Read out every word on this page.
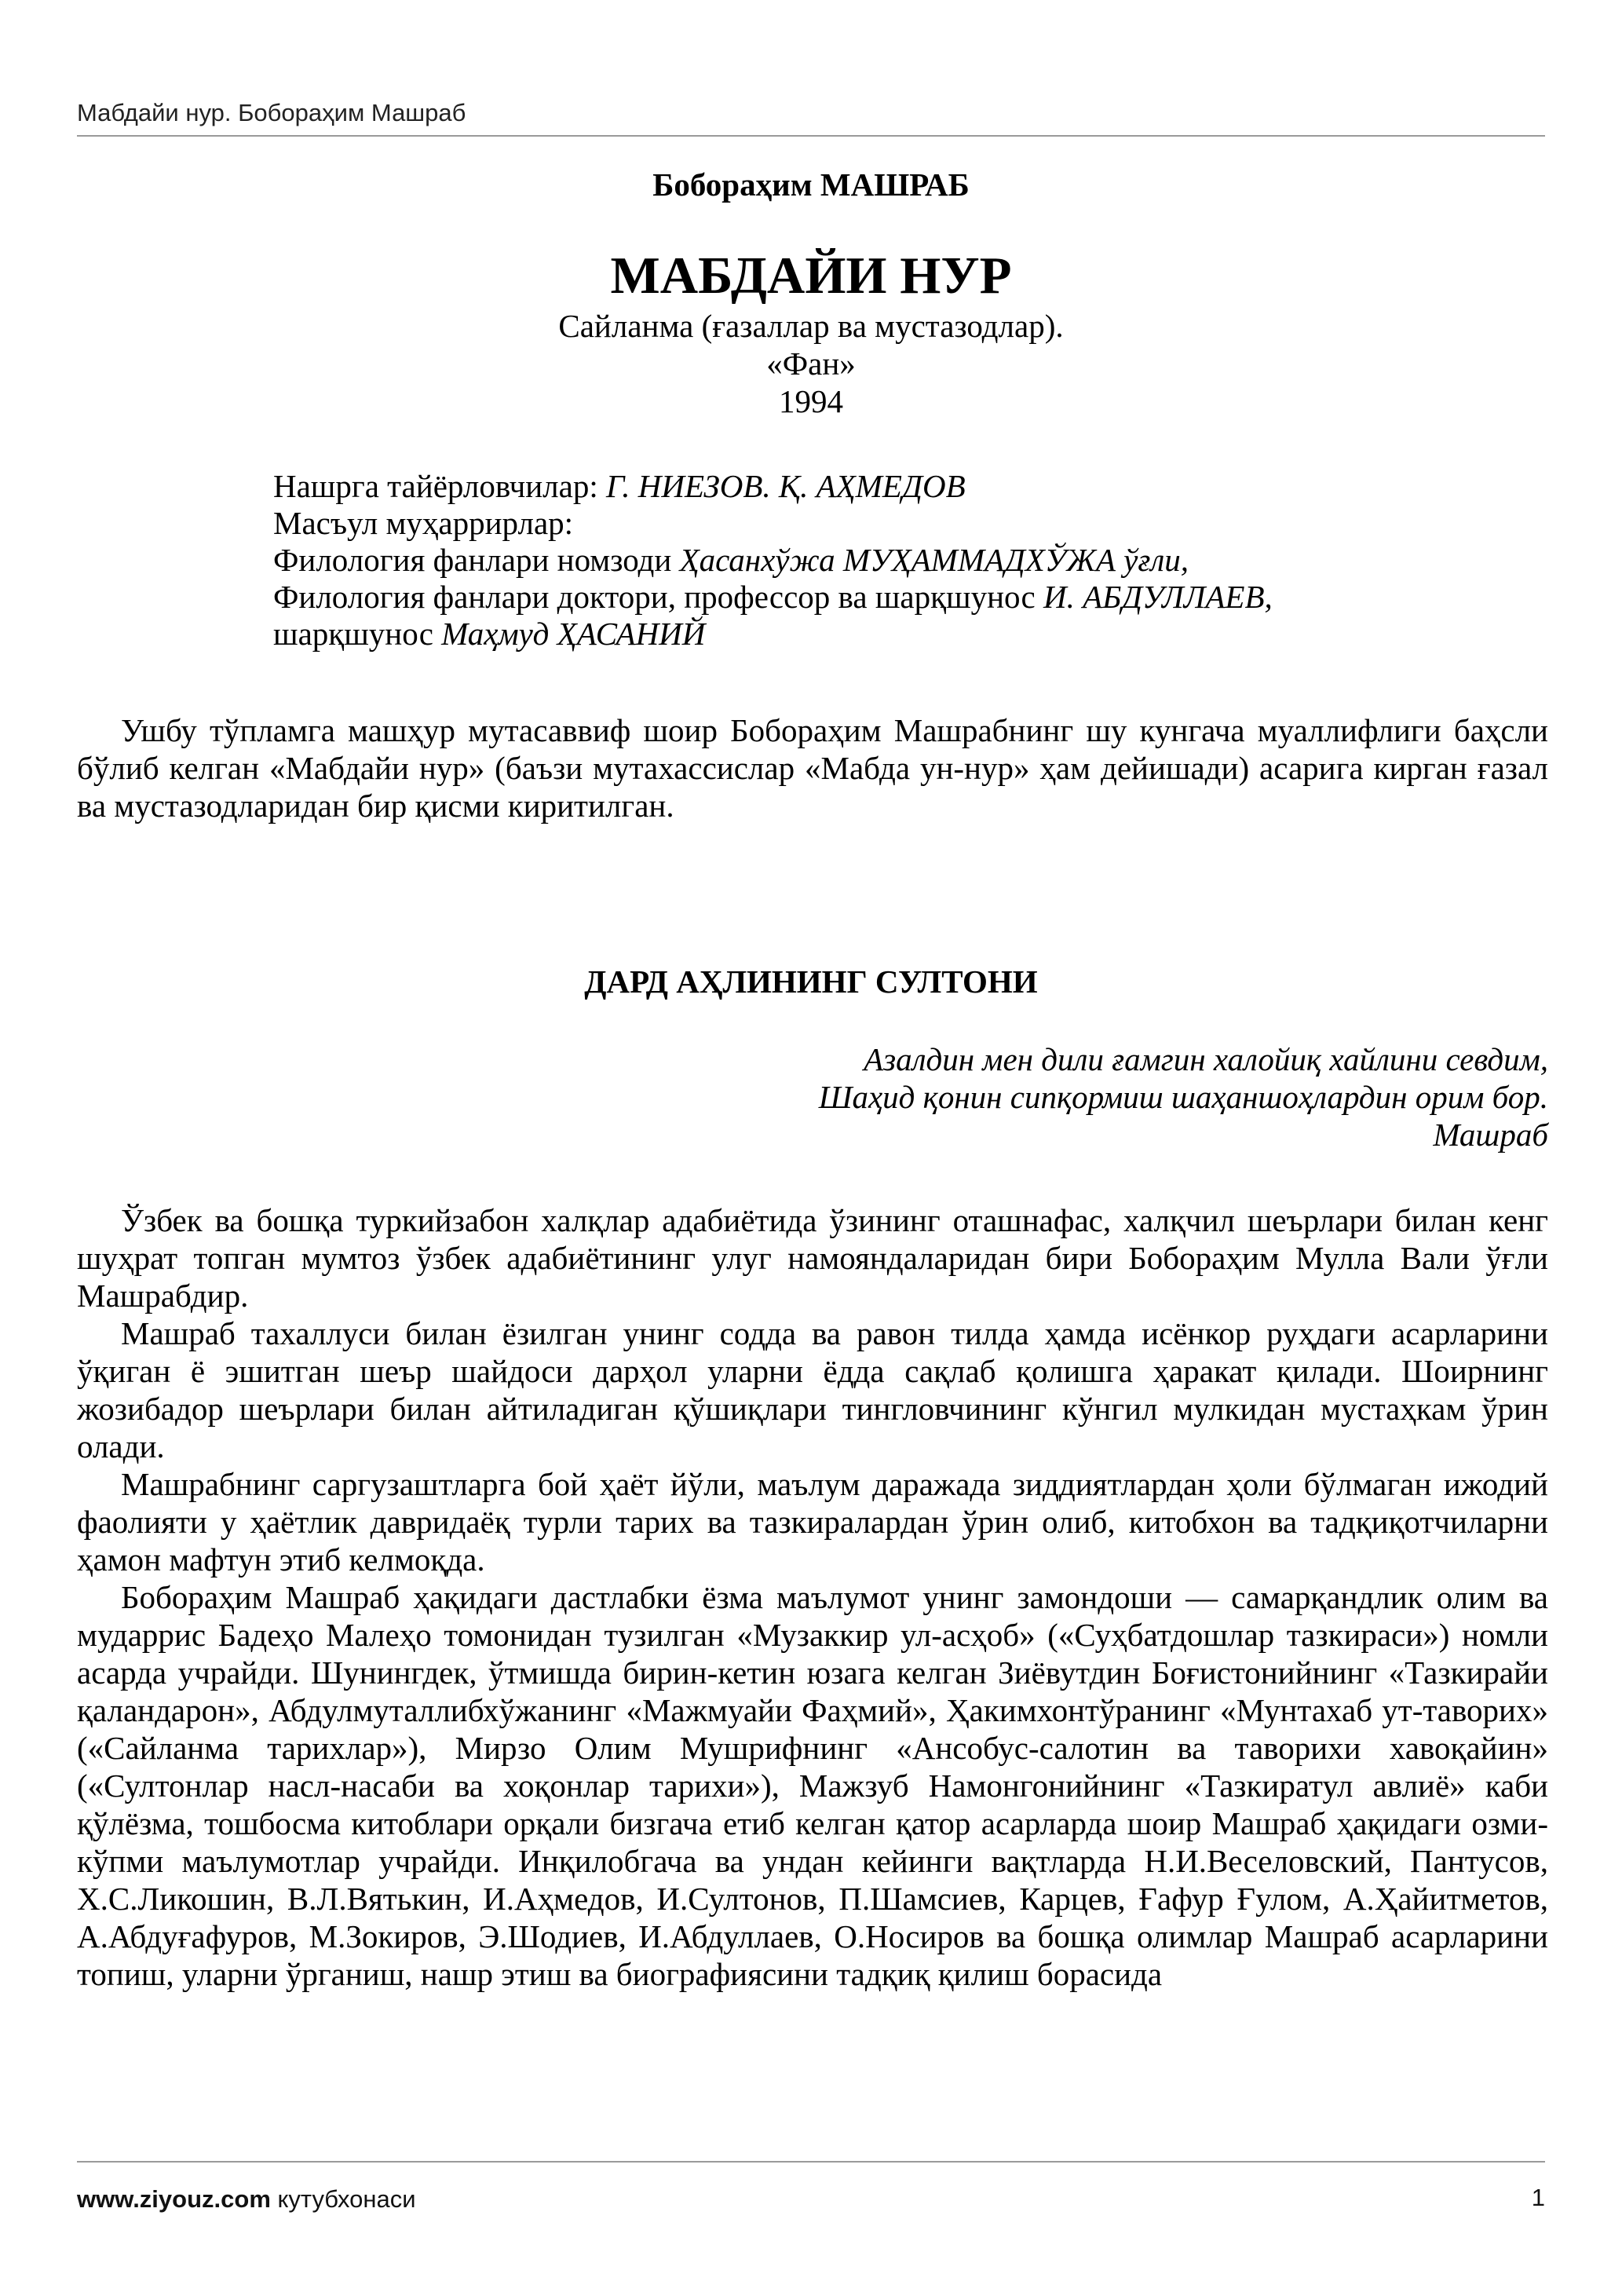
Мабдайи нур. Бобораҳим Машраб
Бобораҳим МАШРАБ
МАБДАЙИ НУР
Сайланма (ғазаллар ва мустазодлар).
«Фан»
1994
Нашрга тайёрловчилар: Г. НИЕЗОВ. Қ. АҲМЕДОВ
Масъул муҳаррирлар:
Филология фанлари номзоди Ҳасанхўжа МУҲАММАДХЎЖА ўғли,
Филология фанлари доктори, профессор ва шарқшунос И. АБДУЛЛАЕВ,
шарқшунос Маҳмуд ҲАСАНИЙ

Ушбу тўпламга машҳур мутасаввиф шоир Бобораҳим Машрабнинг шу кунгача муаллифлиги баҳсли бўлиб келган «Мабдайи нур» (баъзи мутахассислар «Мабда ун-нур» ҳам дейишади) асарига кирган ғазал ва мустазодларидан бир қисми киритилган.

ДАРД АҲЛИНИНГ СУЛТОНИ
Азалдин мен дили ғамгин халойиқ хайлини севдим,
Шаҳид қонин сипқормиш шаҳаншоҳлардин орим бор.
Машраб

Ўзбек ва бошқа туркийзабон халқлар адабиётида ўзининг оташнафас, халқчил шеърлари билан кенг шуҳрат топган мумтоз ўзбек адабиётининг улуг намояндаларидан бири Бобораҳим Мулла Вали ўғли Машрабдир.

Машраб тахаллуси билан ёзилган унинг содда ва равон тилда ҳамда исёнкор руҳдаги асарларини ўқиган ё эшитган шеър шайдоси дарҳол уларни ёдда сақлаб қолишга ҳаракат қилади. Шоирнинг жозибадор шеърлари билан айтиладиган қўшиқлари тингловчининг кўнгил мулкидан мустаҳкам ўрин олади.

Машрабнинг саргузаштларга бой ҳаёт йўли, маълум даражада зиддиятлардан ҳоли бўлмаган ижодий фаолияти у ҳаётлик давридаёқ турли тарих ва тазкиралардан ўрин олиб, китобхон ва тадқиқотчиларни ҳамон мафтун этиб келмоқда.

Бобораҳим Машраб ҳақидаги дастлабки ёзма маълумот унинг замондоши — самарқандлик олим ва мударрис Бадеҳо Малеҳо томонидан тузилган «Музаккир ул-асҳоб» («Суҳбатдошлар тазкираси») номли асарда учрайди. Шунингдек, ўтмишда бирин-кетин юзага келган Зиёвутдин Боғистонийнинг «Тазкирайи қаландарон», Абдулмуталлибхўжанинг «Мажмуайи Фаҳмий», Ҳакимхонтўранинг «Мунтахаб ут-таворих» («Сайланма тарихлар»), Мирзо Олим Мушрифнинг «Ансобус-салотин ва таворихи хавоқайин» («Султонлар насл-насаби ва хоқонлар тарихи»), Мажзуб Намонгонийнинг «Тазкиратул авлиё» каби қўлёзма, тошбосма китоблари орқали бизгача етиб келган қатор асарларда шоир Машраб ҳақидаги озми-кўпми маълумотлар учрайди. Инқилобгача ва ундан кейинги вақтларда Н.И.Веселовский, Пантусов, Х.С.Ликошин, В.Л.Вятькин, И.Аҳмедов, И.Султонов, П.Шамсиев, Карцев, Ғафур Ғулом, А.Ҳайитметов, А.Абдуғафуров, М.Зокиров, Э.Шодиев, И.Абдуллаев, О.Носиров ва бошқа олимлар Машраб асарларини топиш, уларни ўрганиш, нашр этиш ва биографиясини тадқиқ қилиш борасида

www.ziyouz.com кутубхонаси	1
